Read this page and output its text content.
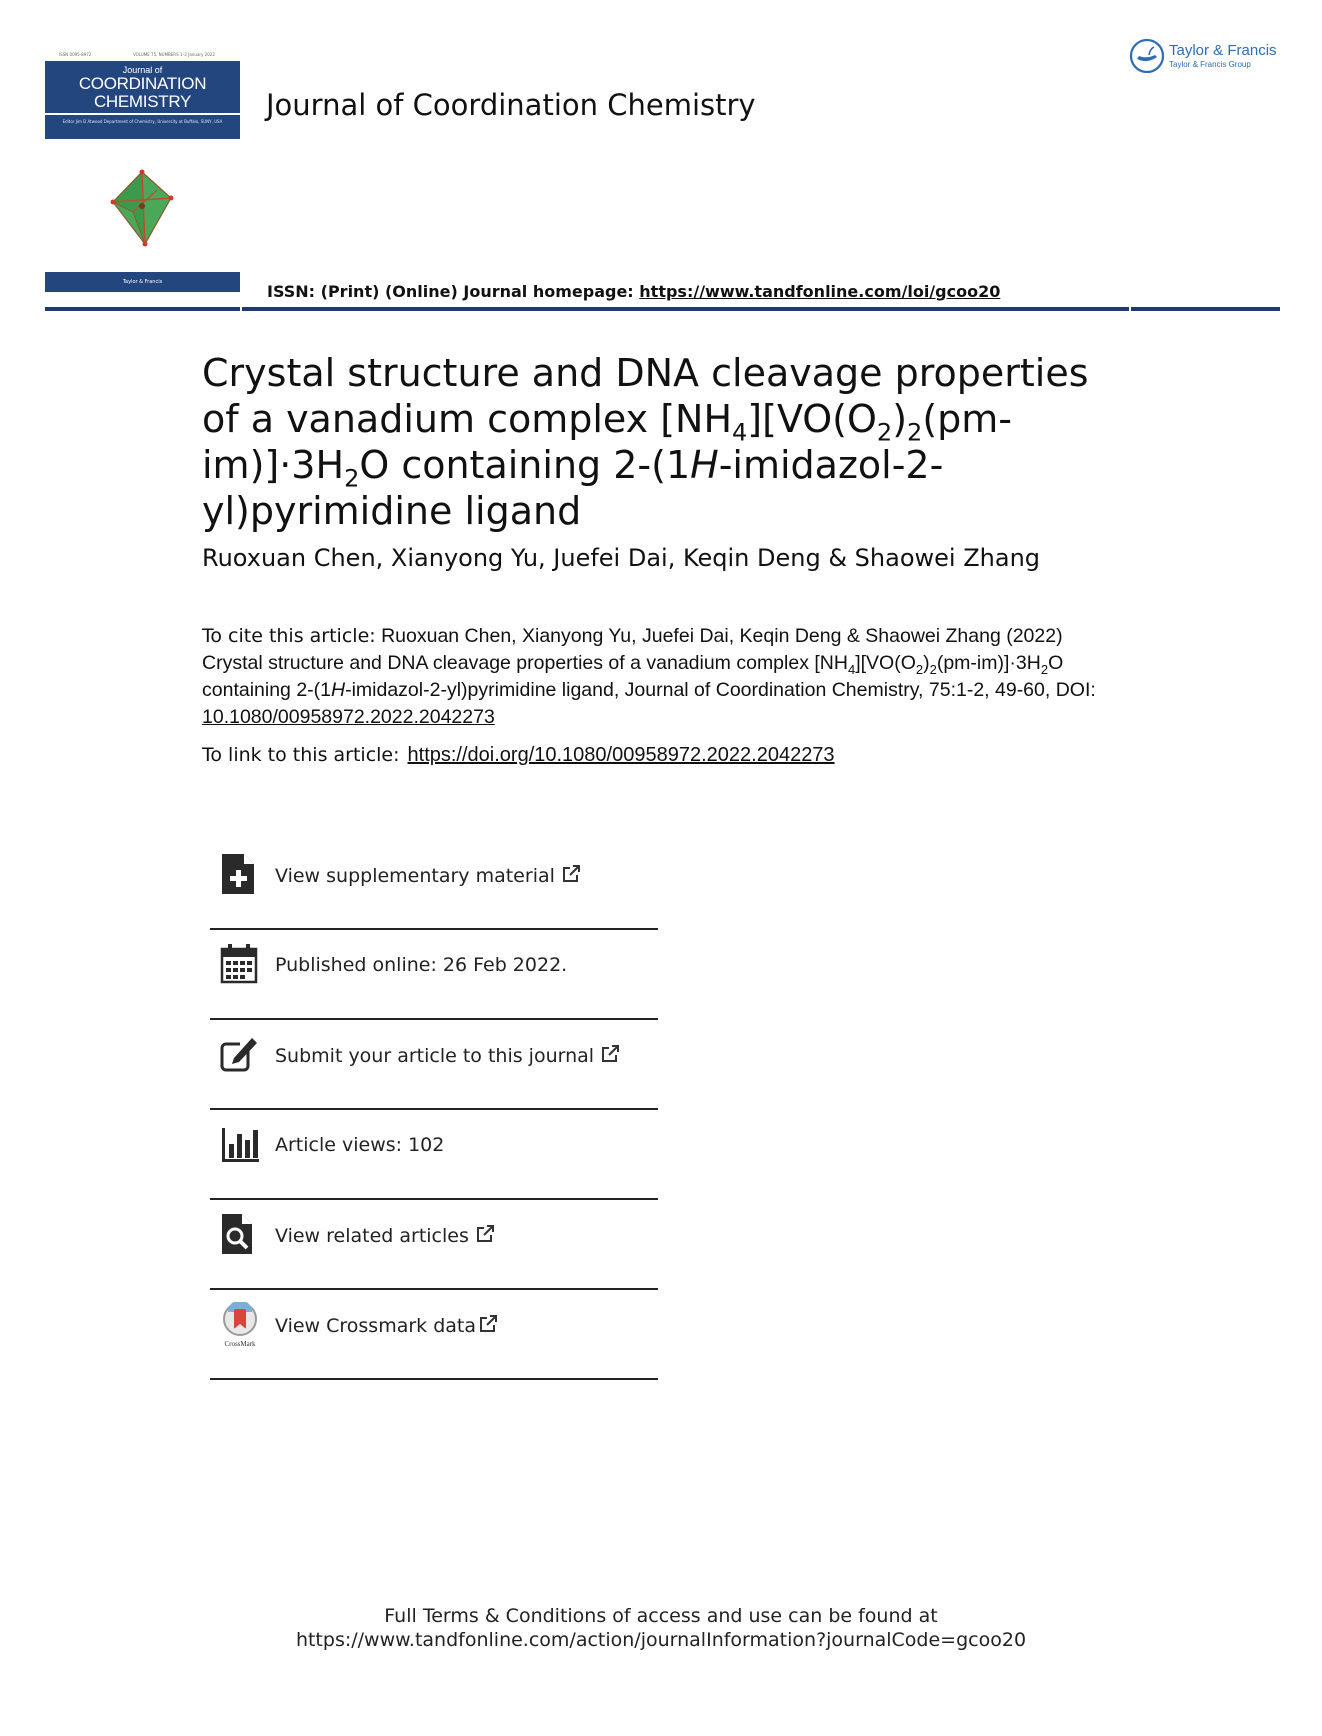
ISSN 0095-8972	VOLUME 75, NUMBERS 1–2 January 2022
Journal of
COORDINATION CHEMISTRY
Editor Jim D Atwood Department of Chemistry, University at Buffalo, SUNY, USA
Taylor & Francis
Journal of Coordination Chemistry
Taylor & Francis
Taylor & Francis Group
ISSN: (Print) (Online) Journal homepage: https://www.tandfonline.com/loi/gcoo20
Crystal structure and DNA cleavage properties of a vanadium complex $[NH_4][VO(O_2)_2(pm-im)]\cdot 3H_2O$ containing 2-(1H-imidazol-2-yl)pyrimidine ligand
Ruoxuan Chen, Xianyong Yu, Juefei Dai, Keqin Deng & Shaowei Zhang
To cite this article: Ruoxuan Chen, Xianyong Yu, Juefei Dai, Keqin Deng & Shaowei Zhang (2022) Crystal structure and DNA cleavage properties of a vanadium complex $[NH_4][VO(O_2)_2(pm-im)]\cdot 3H_2O$ containing 2-(1H-imidazol-2-yl)pyrimidine ligand, Journal of Coordination Chemistry, 75:1-2, 49-60, DOI: 10.1080/00958972.2022.2042273
To link to this article: https://doi.org/10.1080/00958972.2022.2042273
View supplementary material
Published online: 26 Feb 2022.
Submit your article to this journal
Article views: 102
View related articles
CrossMark
View Crossmark data
Full Terms & Conditions of access and use can be found at
https://www.tandfonline.com/action/journalInformation?journalCode=gcoo20
